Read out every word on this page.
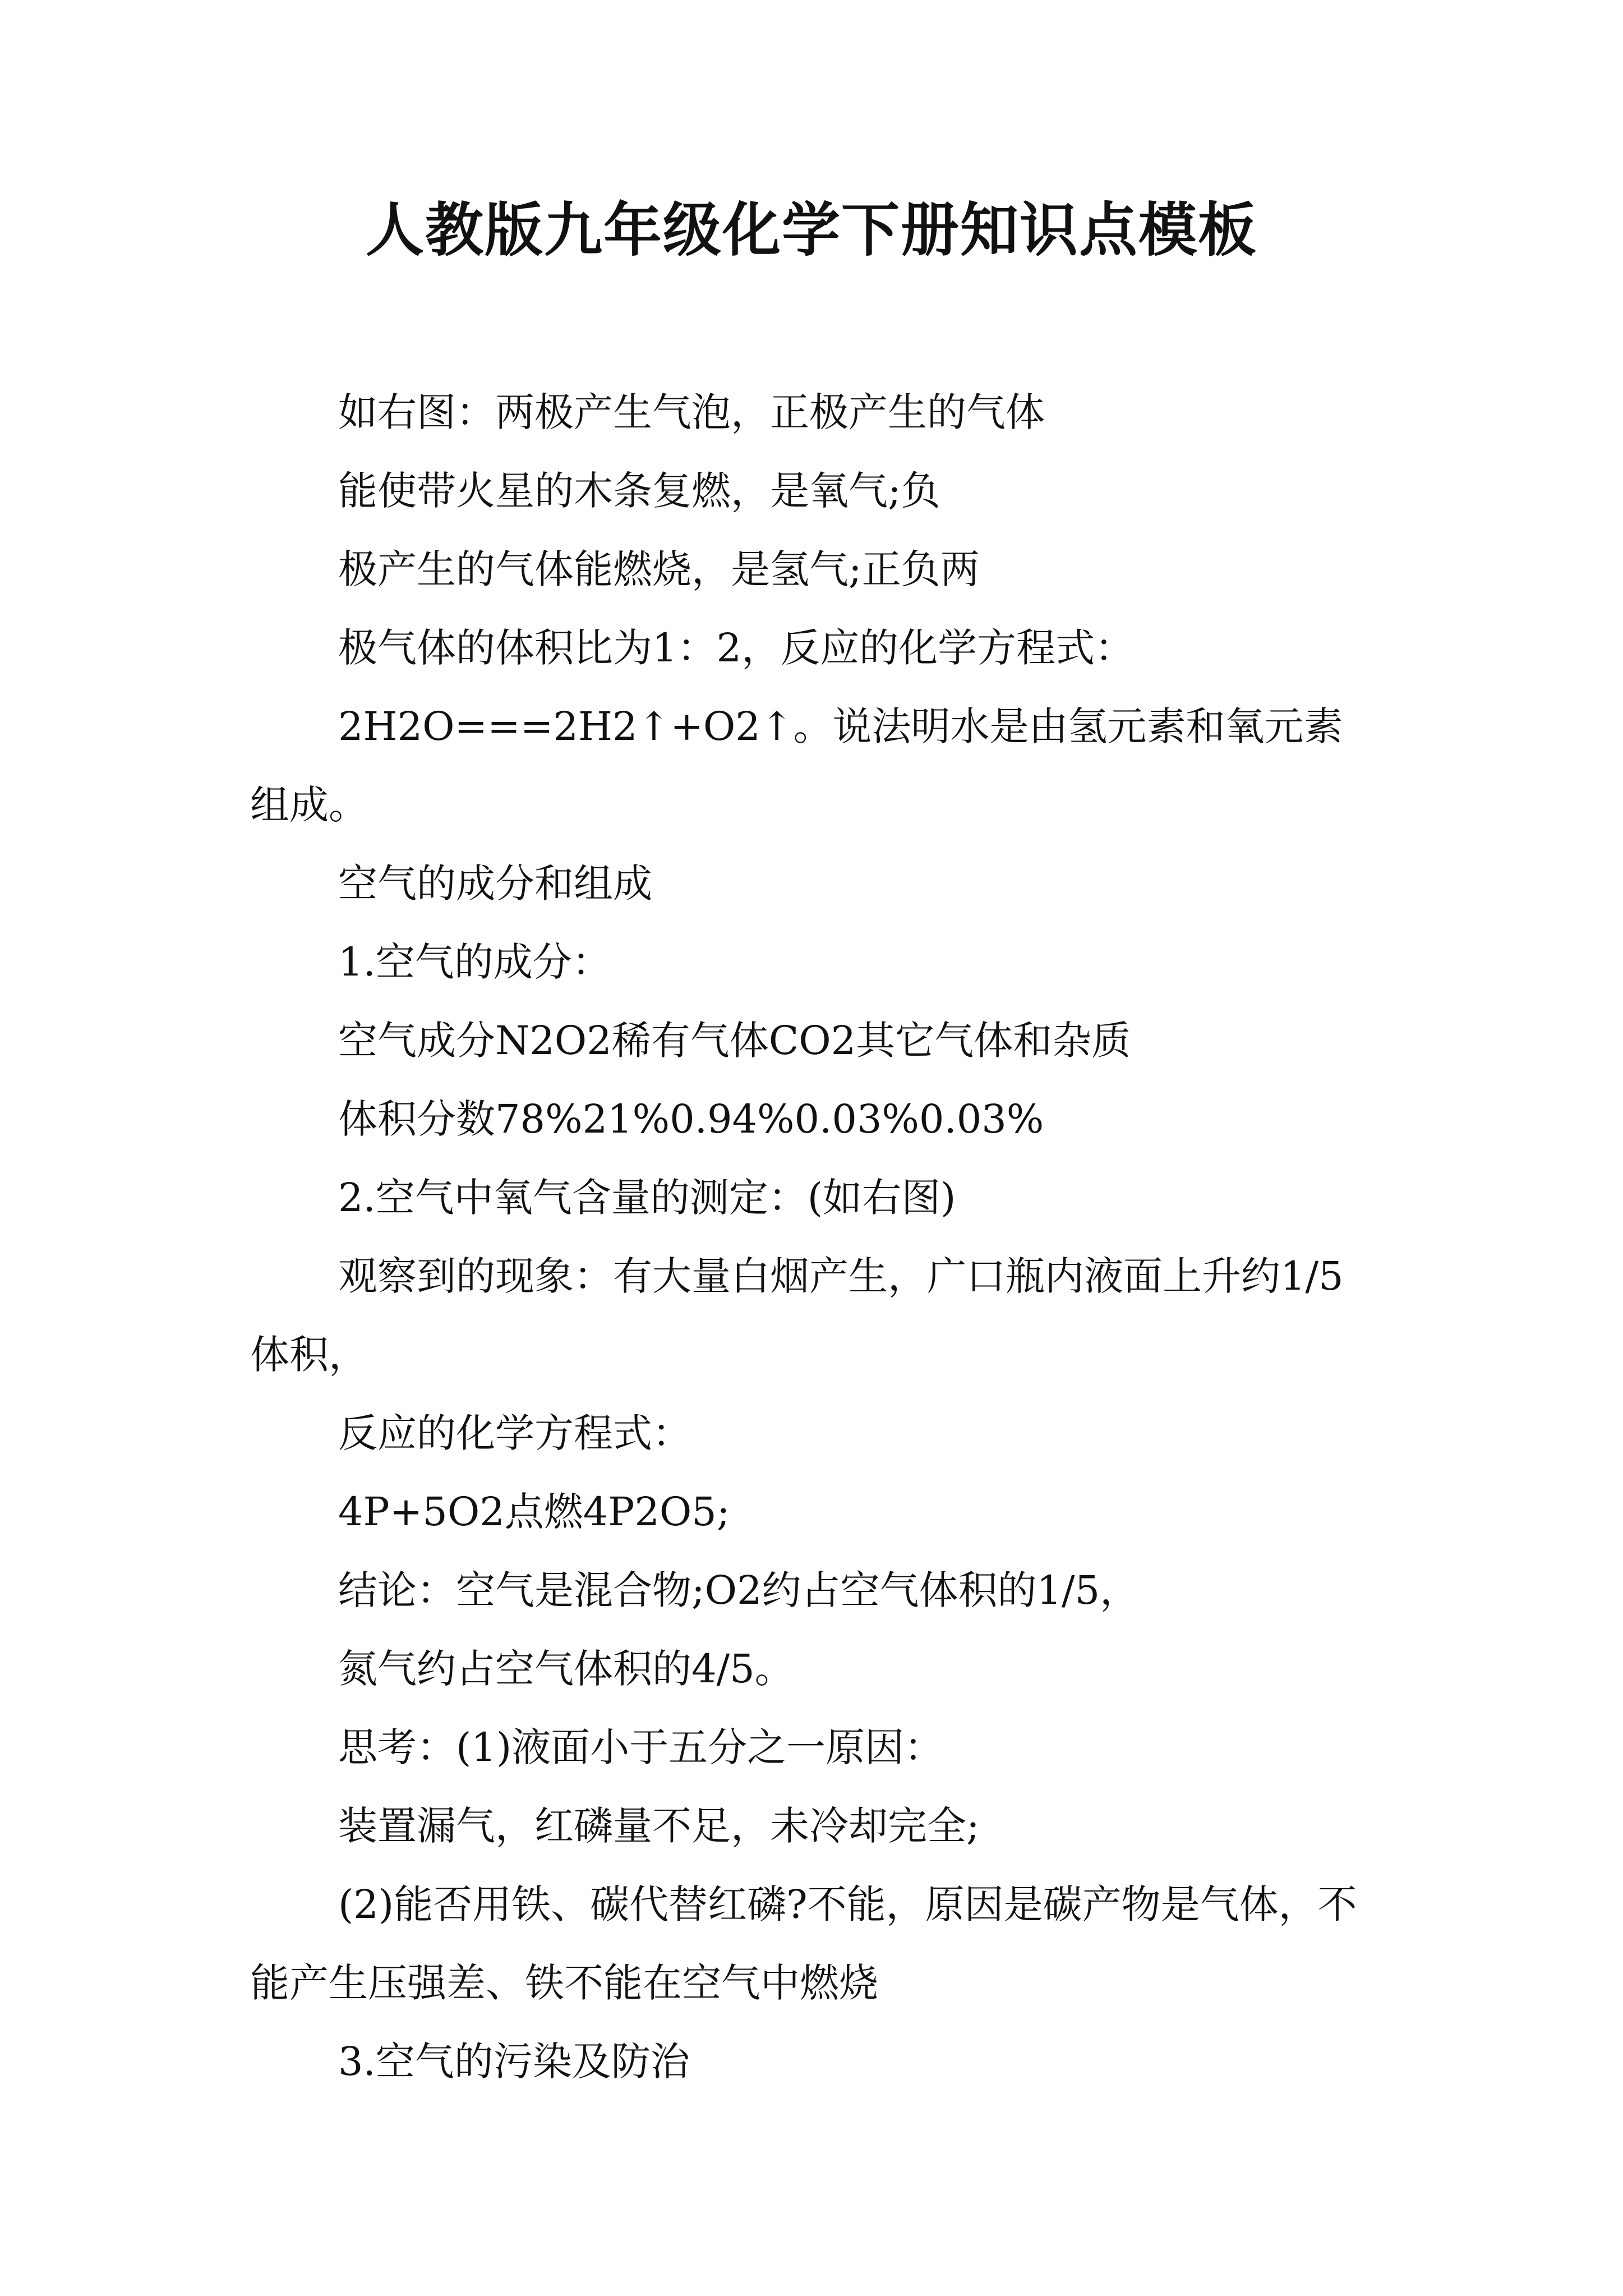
人教版九年级化学下册知识点模板

如右图：两极产生气泡，正极产生的气体

能使带火星的木条复燃，是氧气;负

极产生的气体能燃烧，是氢气;正负两

极气体的体积比为1：2，反应的化学方程式：

2H2O===2H2↑+O2↑。说法明水是由氢元素和氧元素组成。

空气的成分和组成

1.空气的成分：

空气成分N2O2稀有气体CO2其它气体和杂质

体积分数78%21%0.94%0.03%0.03%

2.空气中氧气含量的测定：(如右图)

观察到的现象：有大量白烟产生，广口瓶内液面上升约1/5体积，

反应的化学方程式：

4P+5O2点燃4P2O5;

结论：空气是混合物;O2约占空气体积的1/5，

氮气约占空气体积的4/5。

思考：(1)液面小于五分之一原因：

装置漏气，红磷量不足，未冷却完全;

(2)能否用铁、碳代替红磷?不能，原因是碳产物是气体，不能产生压强差、铁不能在空气中燃烧

3.空气的污染及防治
